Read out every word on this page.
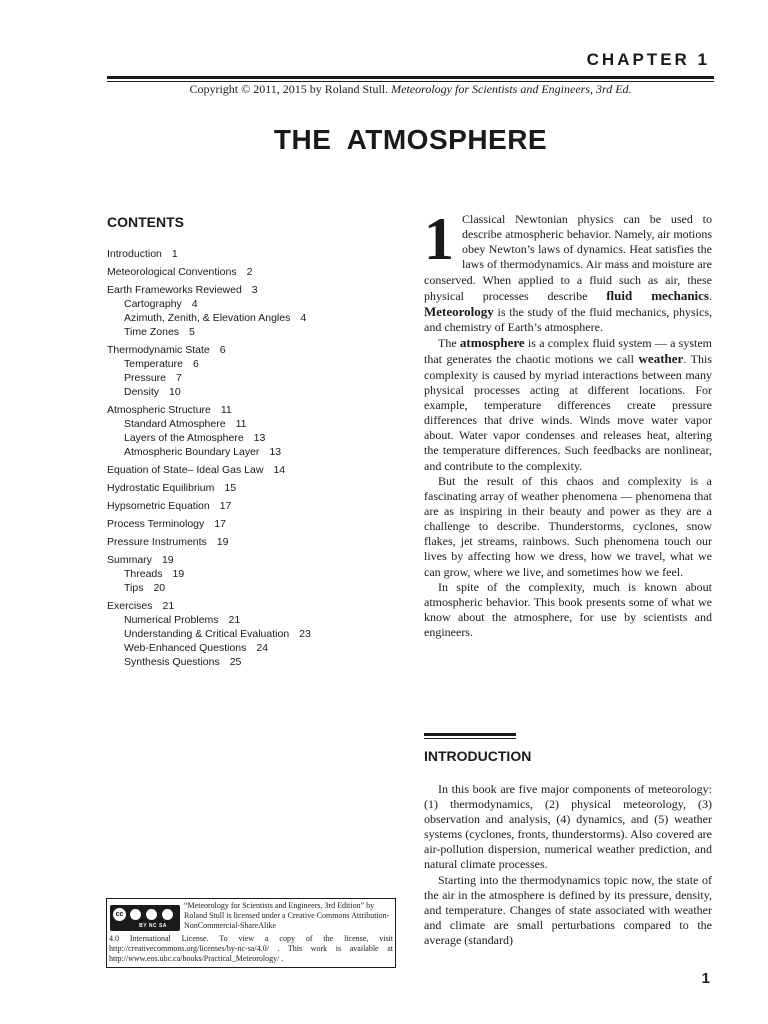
CHAPTER 1
Copyright © 2011, 2015 by Roland Stull. Meteorology for Scientists and Engineers, 3rd Ed.
THE ATMOSPHERE
CONTENTS
Introduction 1
Meteorological Conventions 2
Earth Frameworks Reviewed 3
Cartography 4
Azimuth, Zenith, & Elevation Angles 4
Time Zones 5
Thermodynamic State 6
Temperature 6
Pressure 7
Density 10
Atmospheric Structure 11
Standard Atmosphere 11
Layers of the Atmosphere 13
Atmospheric Boundary Layer 13
Equation of State– Ideal Gas Law 14
Hydrostatic Equilibrium 15
Hypsometric Equation 17
Process Terminology 17
Pressure Instruments 19
Summary 19
Threads 19
Tips 20
Exercises 21
Numerical Problems 21
Understanding & Critical Evaluation 23
Web-Enhanced Questions 24
Synthesis Questions 25

1 Classical Newtonian physics can be used to describe atmospheric behavior. Namely, air motions obey Newton’s laws of dynamics. Heat satisfies the laws of thermodynamics. Air mass and moisture are conserved. When applied to a fluid such as air, these physical processes describe fluid mechanics. Meteorology is the study of the fluid mechanics, physics, and chemistry of Earth’s atmosphere.

The atmosphere is a complex fluid system — a system that generates the chaotic motions we call weather. This complexity is caused by myriad interactions between many physical processes acting at different locations. For example, temperature differences create pressure differences that drive winds. Winds move water vapor about. Water vapor condenses and releases heat, altering the temperature differences. Such feedbacks are nonlinear, and contribute to the complexity.

But the result of this chaos and complexity is a fascinating array of weather phenomena — phenomena that are as inspiring in their beauty and power as they are a challenge to describe. Thunderstorms, cyclones, snow flakes, jet streams, rainbows. Such phenomena touch our lives by affecting how we dress, how we travel, what we can grow, where we live, and sometimes how we feel.

In spite of the complexity, much is known about atmospheric behavior. This book presents some of what we know about the atmosphere, for use by scientists and engineers.

INTRODUCTION

In this book are five major components of meteorology: (1) thermodynamics, (2) physical meteorology, (3) observation and analysis, (4) dynamics, and (5) weather systems (cyclones, fronts, thunderstorms). Also covered are air-pollution dispersion, numerical weather prediction, and natural climate processes.

Starting into the thermodynamics topic now, the state of the air in the atmosphere is defined by its pressure, density, and temperature. Changes of state associated with weather and climate are small perturbations compared to the average (standard)

cc
BY NC SA

“Meteorology for Scientists and Engineers, 3rd Edition” by Roland Stull is licensed under a Creative Commons Attribution-NonCommercial-ShareAlike

4.0 International License. To view a copy of the license, visit http://creativecommons.org/licenses/by-nc-sa/4.0/ . This work is available at http://www.eos.ubc.ca/books/Practical_Meteorology/ .

1
